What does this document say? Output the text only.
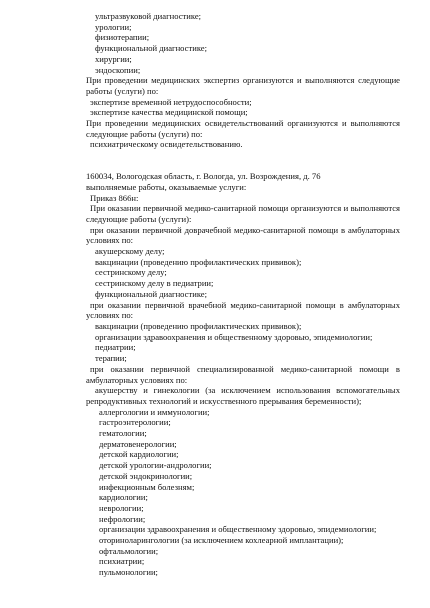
ультразвуковой диагностике;
урологии;
физиотерапии;
функциональной диагностике;
хирургии;
эндоскопии;
При проведении медицинских экспертиз организуются и выполняются следующие
работы (услуги) по:
экспертизе временной нетрудоспособности;
экспертизе качества медицинской помощи;
При проведении медицинских освидетельствований организуются и выполняются
следующие работы (услуги) по:
психиатрическому освидетельствованию.
160034, Вологодская область, г. Вологда, ул. Возрождения, д. 76
выполняемые работы, оказываемые услуги:
Приказ 866н:
При оказании первичной медико-санитарной помощи организуются и выполняются
следующие работы (услуги):
при оказании первичной доврачебной медико-санитарной помощи в амбулаторных
условиях по:
акушерскому делу;
вакцинации (проведению профилактических прививок);
сестринскому делу;
сестринскому делу в педиатрии;
функциональной диагностике;
при оказании первичной врачебной медико-санитарной помощи в амбулаторных
условиях по:
вакцинации (проведению профилактических прививок);
организации здравоохранения и общественному здоровью, эпидемиологии;
педиатрии;
терапии;
при оказании первичной специализированной медико-санитарной помощи в
амбулаторных условиях по:
акушерству и гинекологии (за исключением использования вспомогательных
репродуктивных технологий и искусственного прерывания беременности);
аллергологии и иммунологии;
гастроэнтерологии;
гематологии;
дерматовенерологии;
детской кардиологии;
детской урологии-андрологии;
детской эндокринологии;
инфекционным болезням;
кардиологии;
неврологии;
нефрологии;
организации здравоохранения и общественному здоровью, эпидемиологии;
оториноларингологии (за исключением кохлеарной имплантации);
офтальмологии;
психиатрии;
пульмонологии;
